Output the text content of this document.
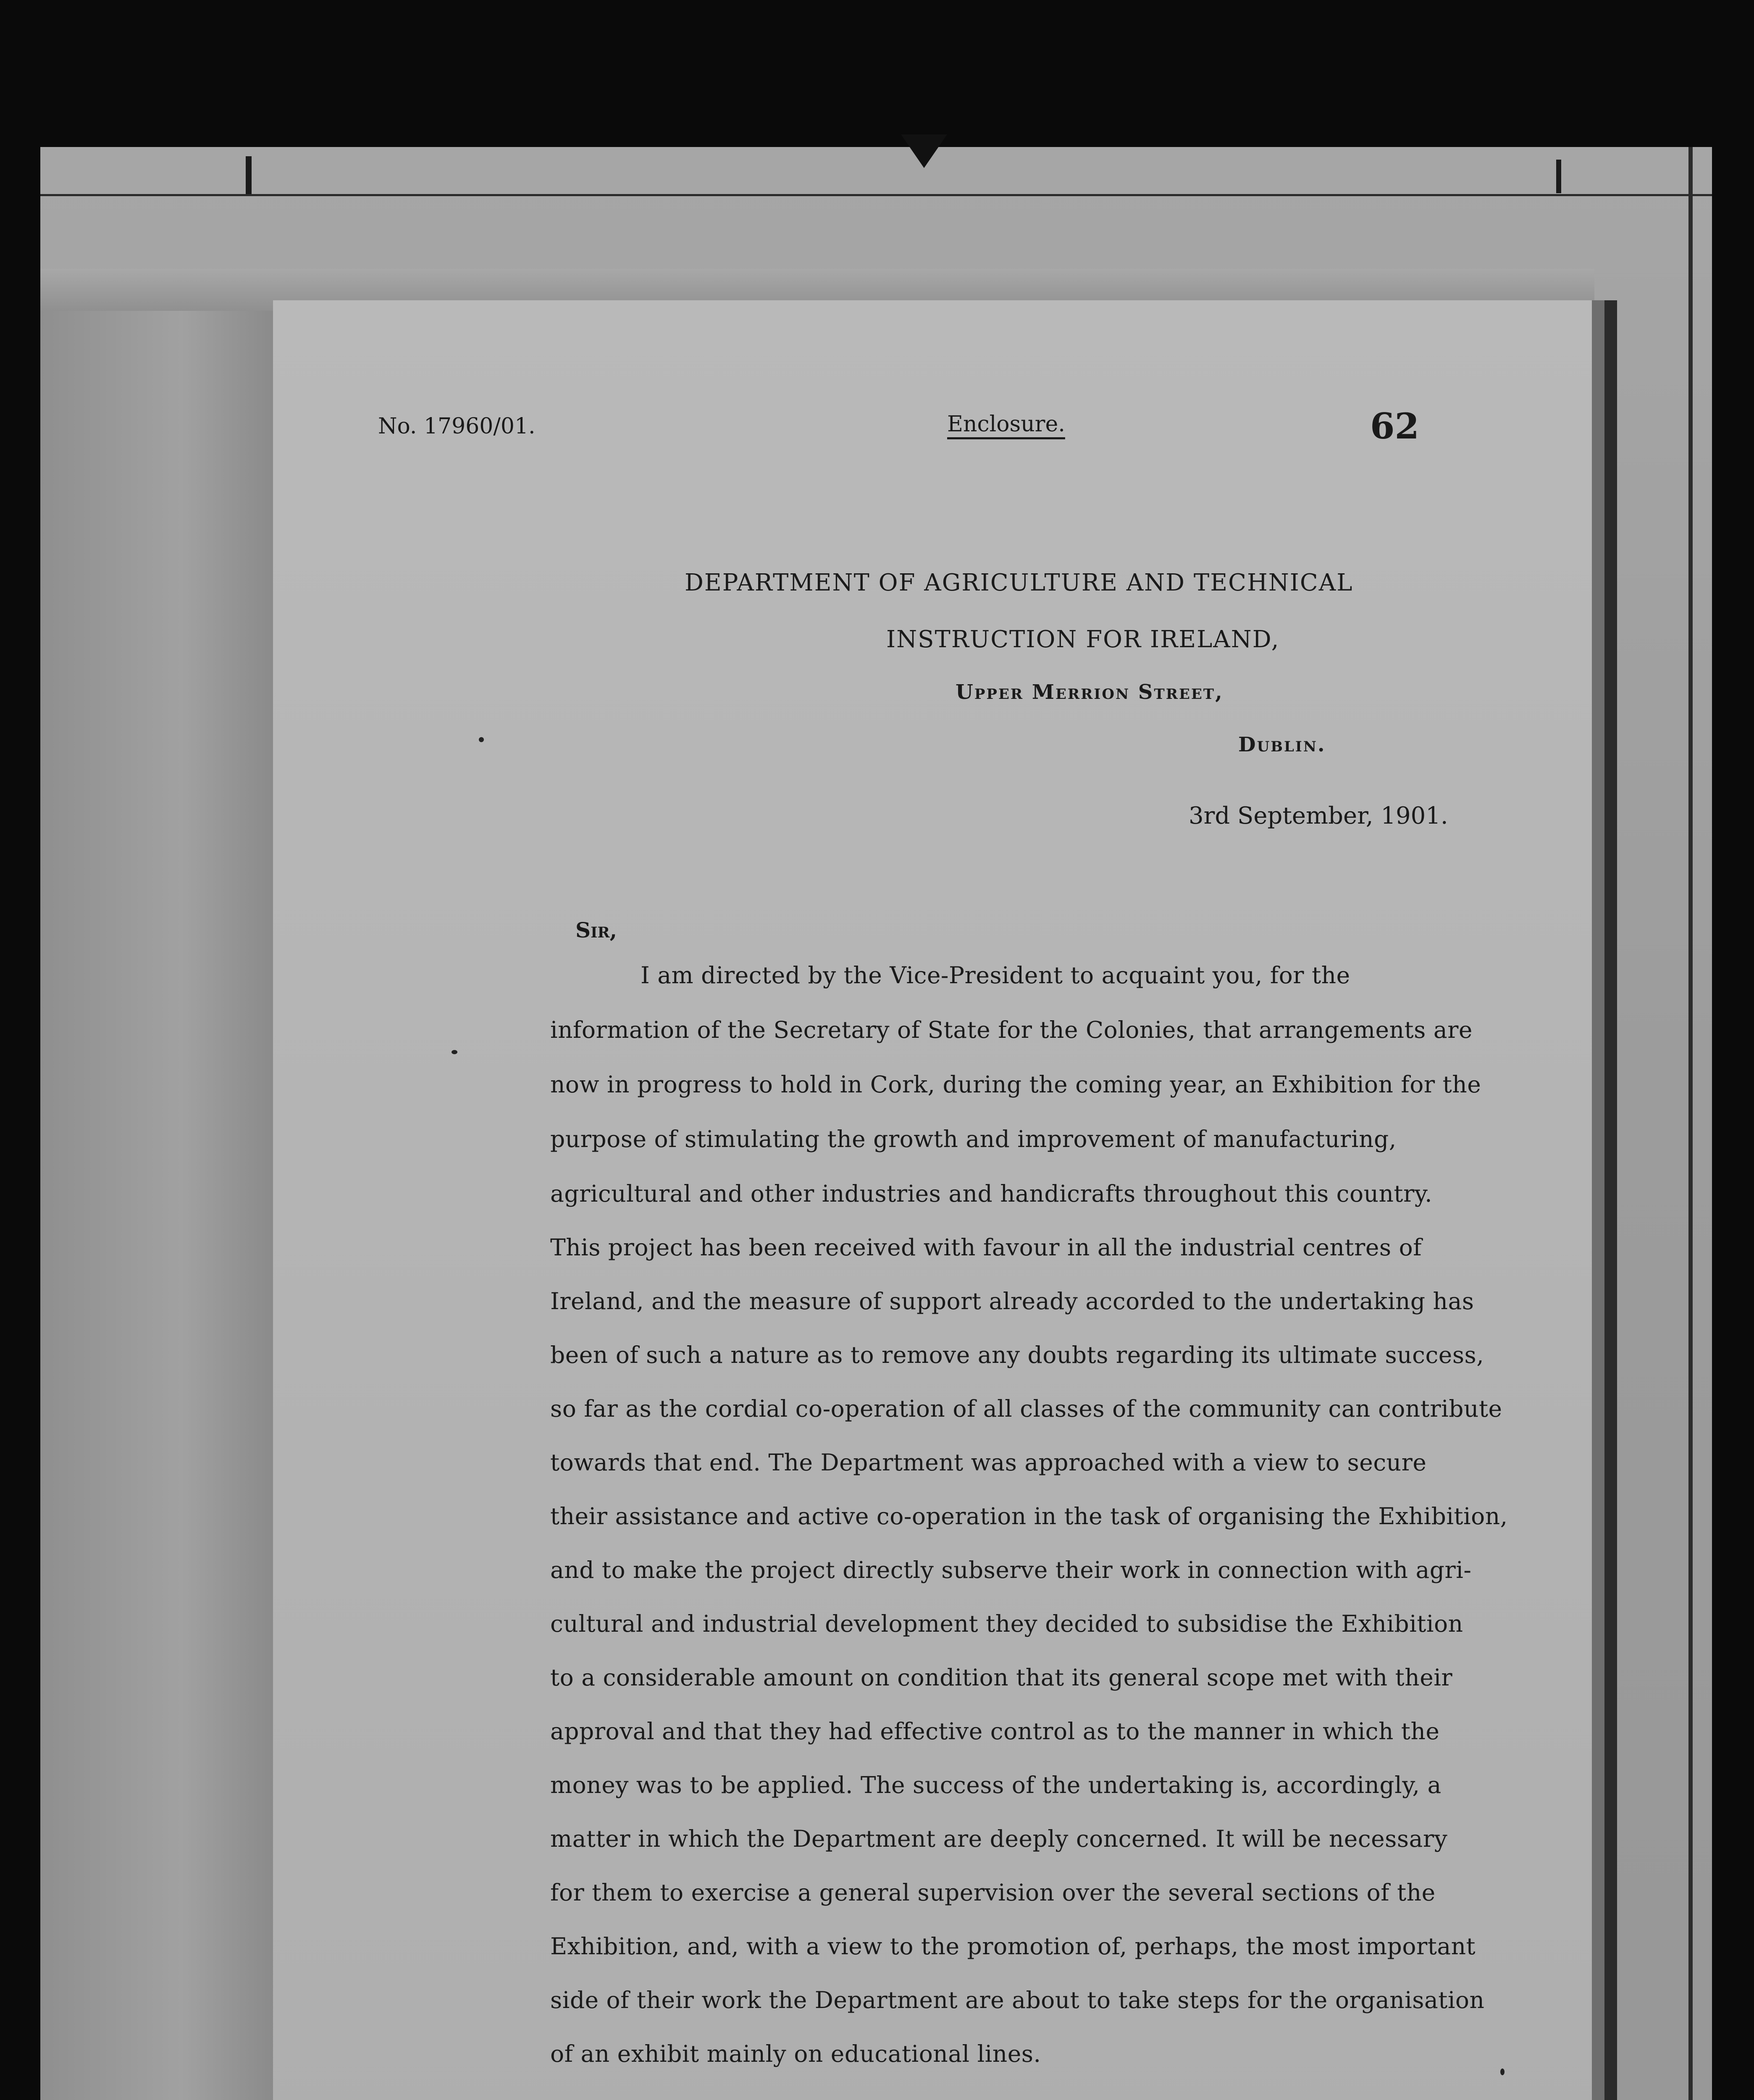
No. 17960/01.	Enclosure.	62
DEPARTMENT OF AGRICULTURE AND TECHNICAL
INSTRUCTION FOR IRELAND,
Upper Merrion Street,
Dublin.
3rd September, 1901.
Sir,
I am directed by the Vice-President to acquaint you, for the
information of the Secretary of State for the Colonies, that arrangements are
now in progress to hold in Cork, during the coming year, an Exhibition for the
purpose of stimulating the growth and improvement of manufacturing,
agricultural and other industries and handicrafts throughout this country.
This project has been received with favour in all the industrial centres of
Ireland, and the measure of support already accorded to the undertaking has
been of such a nature as to remove any doubts regarding its ultimate success,
so far as the cordial co-operation of all classes of the community can contribute
towards that end. The Department was approached with a view to secure
their assistance and active co-operation in the task of organising the Exhibition,
and to make the project directly subserve their work in connection with agri-
cultural and industrial development they decided to subsidise the Exhibition
to a considerable amount on condition that its general scope met with their
approval and that they had effective control as to the manner in which the
money was to be applied. The success of the undertaking is, accordingly, a
matter in which the Department are deeply concerned. It will be necessary
for them to exercise a general supervision over the several sections of the
Exhibition, and, with a view to the promotion of, perhaps, the most important
side of their work the Department are about to take steps for the organisation
of an exhibit mainly on educational lines.
